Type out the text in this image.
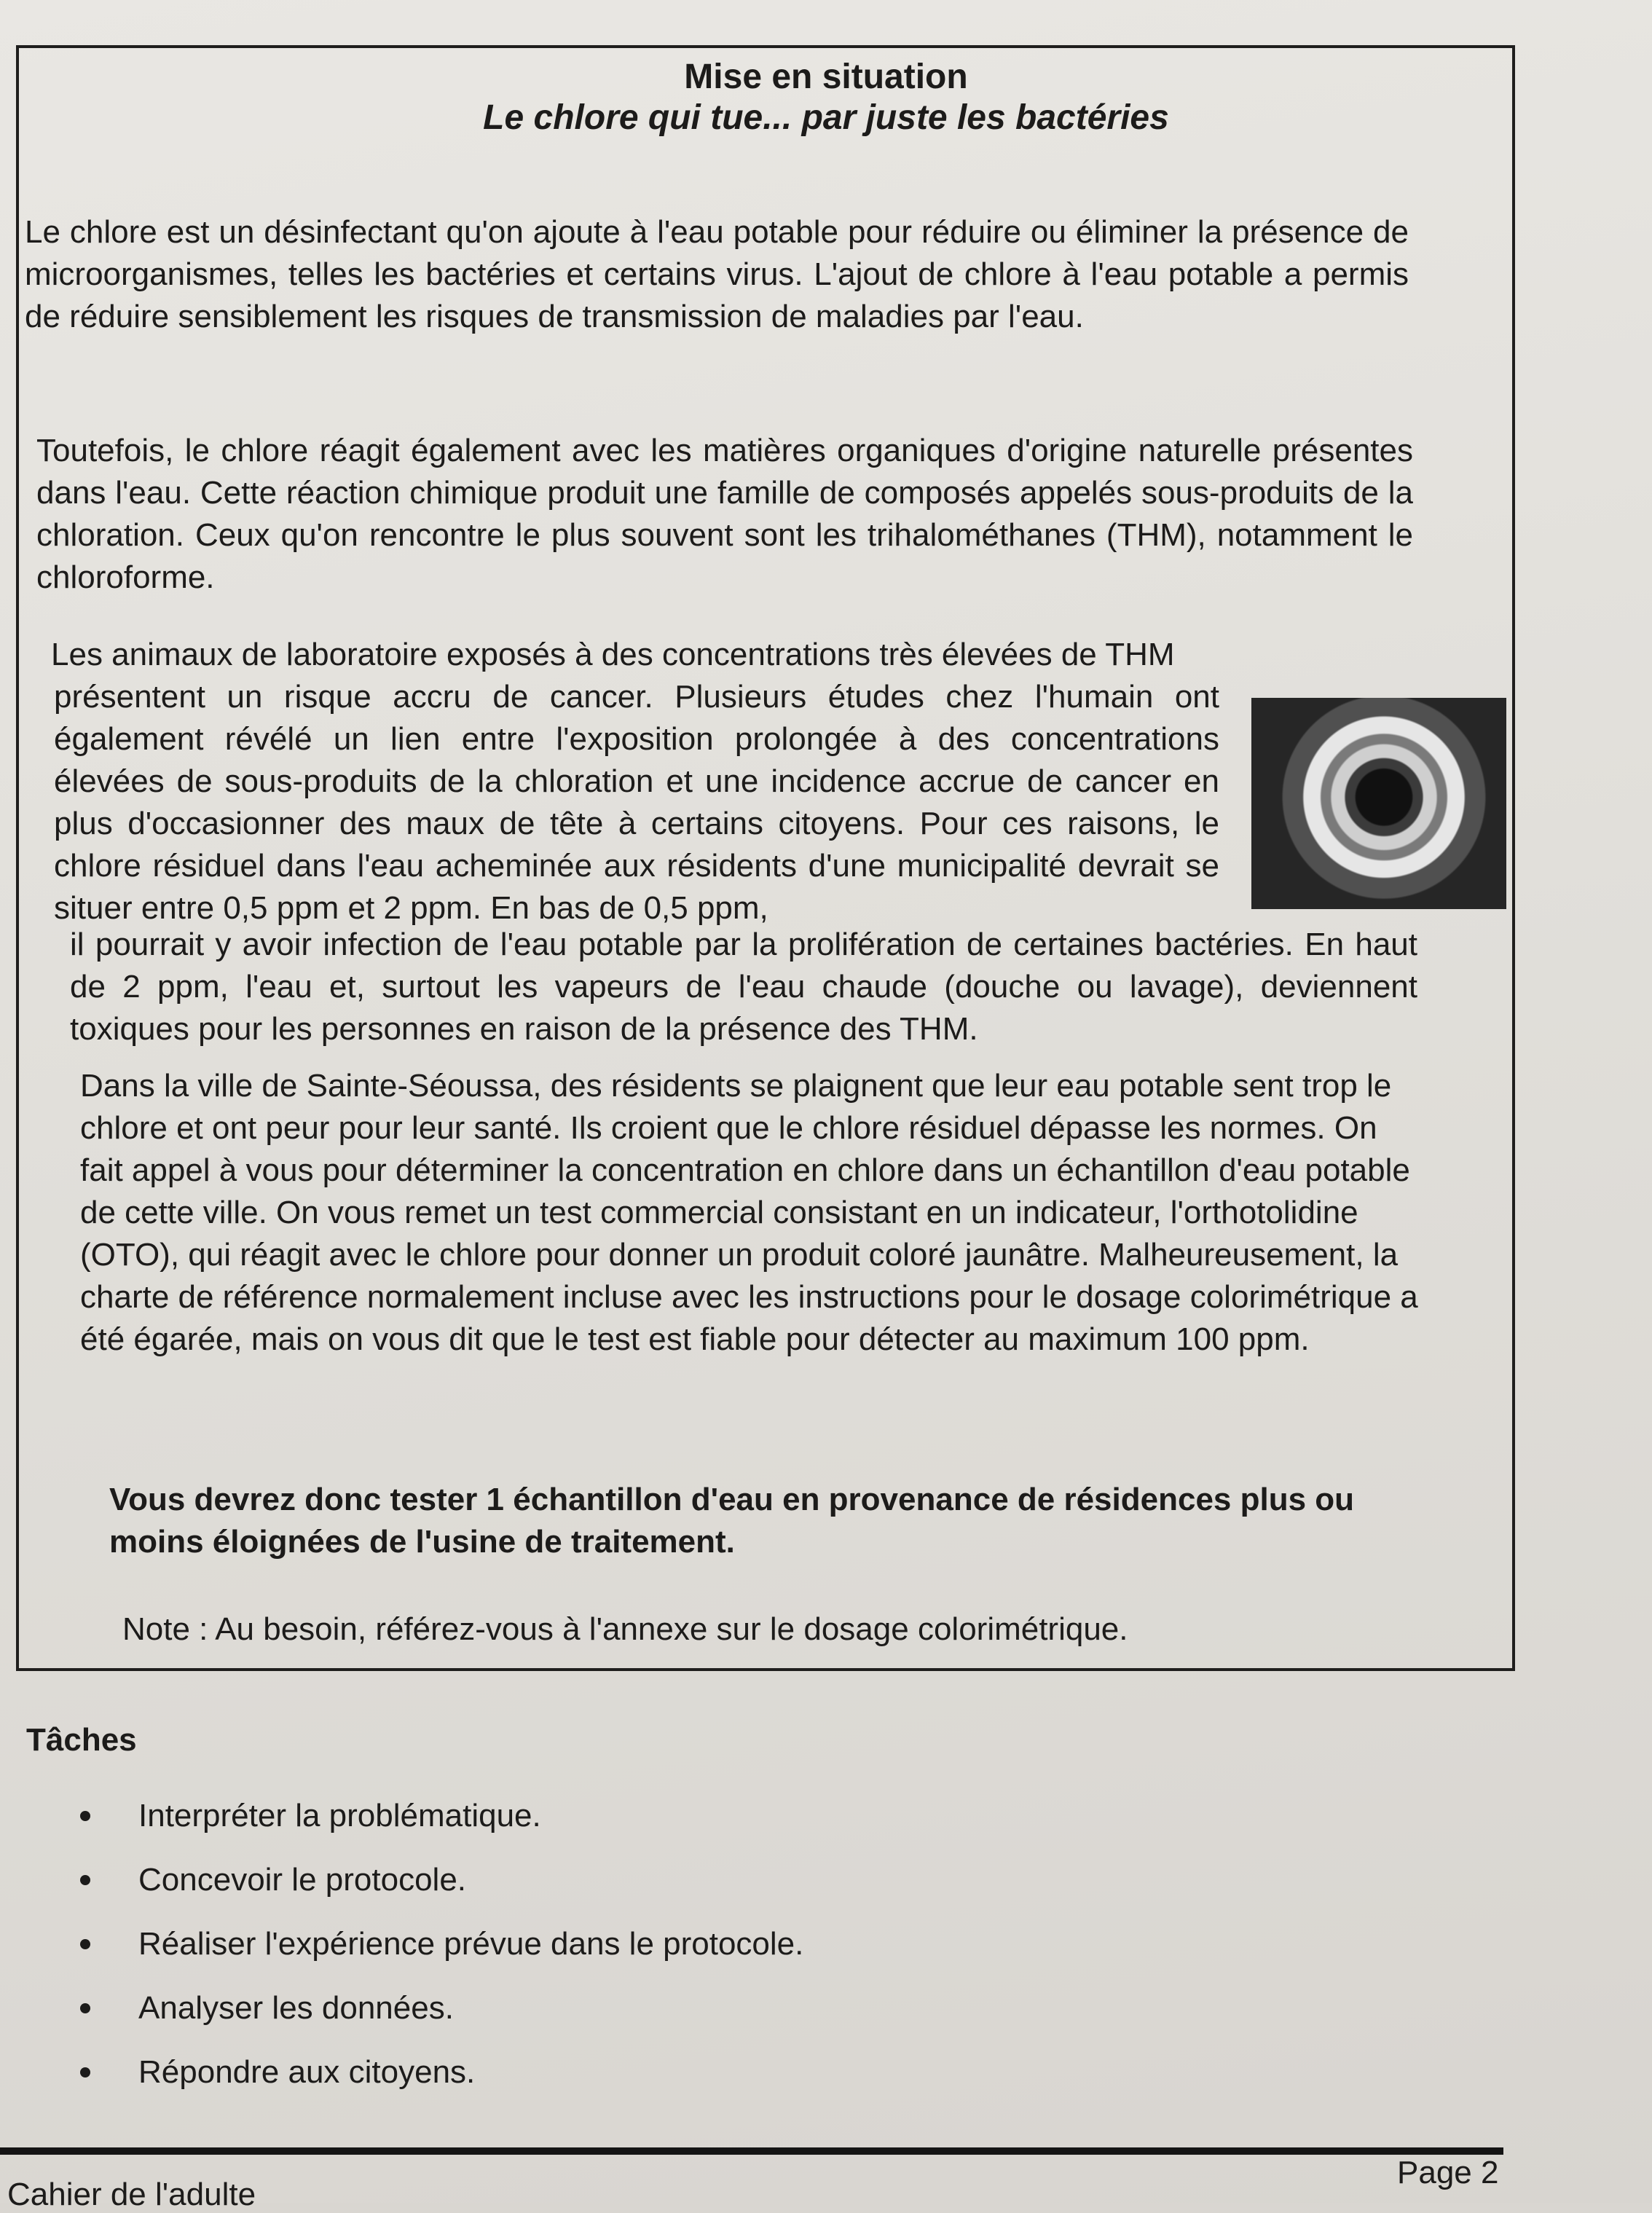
Mise en situation
Le chlore qui tue... par juste les bactéries

Le chlore est un désinfectant qu'on ajoute à l'eau potable pour réduire ou éliminer la présence de microorganismes, telles les bactéries et certains virus. L'ajout de chlore à l'eau potable a permis de réduire sensiblement les risques de transmission de maladies par l'eau.

Toutefois, le chlore réagit également avec les matières organiques d'origine naturelle présentes dans l'eau. Cette réaction chimique produit une famille de composés appelés sous-produits de la chloration. Ceux qu'on rencontre le plus souvent sont les trihalométhanes (THM), notamment le chloroforme.

Les animaux de laboratoire exposés à des concentrations très élevées de THM

présentent un risque accru de cancer. Plusieurs études chez l'humain ont également révélé un lien entre l'exposition prolongée à des concentrations élevées de sous-produits de la chloration et une incidence accrue de cancer en plus d'occasionner des maux de tête à certains citoyens. Pour ces raisons, le chlore résiduel dans l'eau acheminée aux résidents d'une municipalité devrait se situer entre 0,5 ppm et 2 ppm. En bas de 0,5 ppm,

il pourrait y avoir infection de l'eau potable par la prolifération de certaines bactéries. En haut de 2 ppm, l'eau et, surtout les vapeurs de l'eau chaude (douche ou lavage), deviennent toxiques pour les personnes en raison de la présence des THM.

Dans la ville de Sainte-Séoussa, des résidents se plaignent que leur eau potable sent trop le chlore et ont peur pour leur santé. Ils croient que le chlore résiduel dépasse les normes. On fait appel à vous pour déterminer la concentration en chlore dans un échantillon d'eau potable de cette ville. On vous remet un test commercial consistant en un indicateur, l'orthotolidine (OTO), qui réagit avec le chlore pour donner un produit coloré jaunâtre. Malheureusement, la charte de référence normalement incluse avec les instructions pour le dosage colorimétrique a été égarée, mais on vous dit que le test est fiable pour détecter au maximum 100 ppm.

Vous devrez donc tester 1 échantillon d'eau en provenance de résidences plus ou moins éloignées de l'usine de traitement.

Note : Au besoin, référez-vous à l'annexe sur le dosage colorimétrique.

Tâches
Interpréter la problématique.
Concevoir le protocole.
Réaliser l'expérience prévue dans le protocole.
Analyser les données.
Répondre aux citoyens.
Cahier de l'adulte
Page 2
